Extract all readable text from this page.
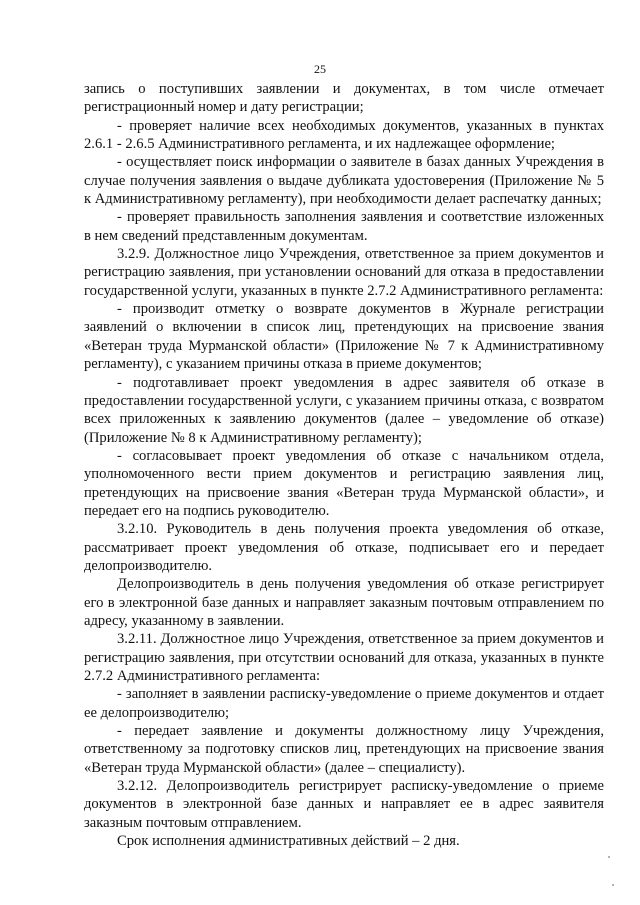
25

запись о поступивших заявлении и документах, в том числе отмечает регистрационный номер и дату регистрации;

- проверяет наличие всех необходимых документов, указанных в пунктах 2.6.1 - 2.6.5 Административного регламента, и их надлежащее оформление;

- осуществляет поиск информации о заявителе в базах данных Учреждения в случае получения заявления о выдаче дубликата удостоверения (Приложение № 5 к Административному регламенту), при необходимости делает распечатку данных;

- проверяет правильность заполнения заявления и соответствие изложенных в нем сведений представленным документам.

3.2.9. Должностное лицо Учреждения, ответственное за прием документов и регистрацию заявления, при установлении оснований для отказа в предоставлении государственной услуги, указанных в пункте 2.7.2 Административного регламента:

- производит отметку о возврате документов в Журнале регистрации заявлений о включении в список лиц, претендующих на присвоение звания «Ветеран труда Мурманской области» (Приложение № 7 к Административному регламенту), с указанием причины отказа в приеме документов;

- подготавливает проект уведомления в адрес заявителя об отказе в предоставлении государственной услуги, с указанием причины отказа, с возвратом всех приложенных к заявлению документов (далее – уведомление об отказе) (Приложение № 8 к Административному регламенту);

- согласовывает проект уведомления об отказе с начальником отдела, уполномоченного вести прием документов и регистрацию заявления лиц, претендующих на присвоение звания «Ветеран труда Мурманской области», и передает его на подпись руководителю.

3.2.10. Руководитель в день получения проекта уведомления об отказе, рассматривает проект уведомления об отказе, подписывает его и передает делопроизводителю.

Делопроизводитель в день получения уведомления об отказе регистрирует его в электронной базе данных и направляет заказным почтовым отправлением по адресу, указанному в заявлении.

3.2.11. Должностное лицо Учреждения, ответственное за прием документов и регистрацию заявления, при отсутствии оснований для отказа, указанных в пункте 2.7.2 Административного регламента:

- заполняет в заявлении расписку-уведомление о приеме документов и отдает ее делопроизводителю;

- передает заявление и документы должностному лицу Учреждения, ответственному за подготовку списков лиц, претендующих на присвоение звания «Ветеран труда Мурманской области» (далее – специалисту).

3.2.12. Делопроизводитель регистрирует расписку-уведомление о приеме документов в электронной базе данных и направляет ее в адрес заявителя заказным почтовым отправлением.

Срок исполнения административных действий – 2 дня.
